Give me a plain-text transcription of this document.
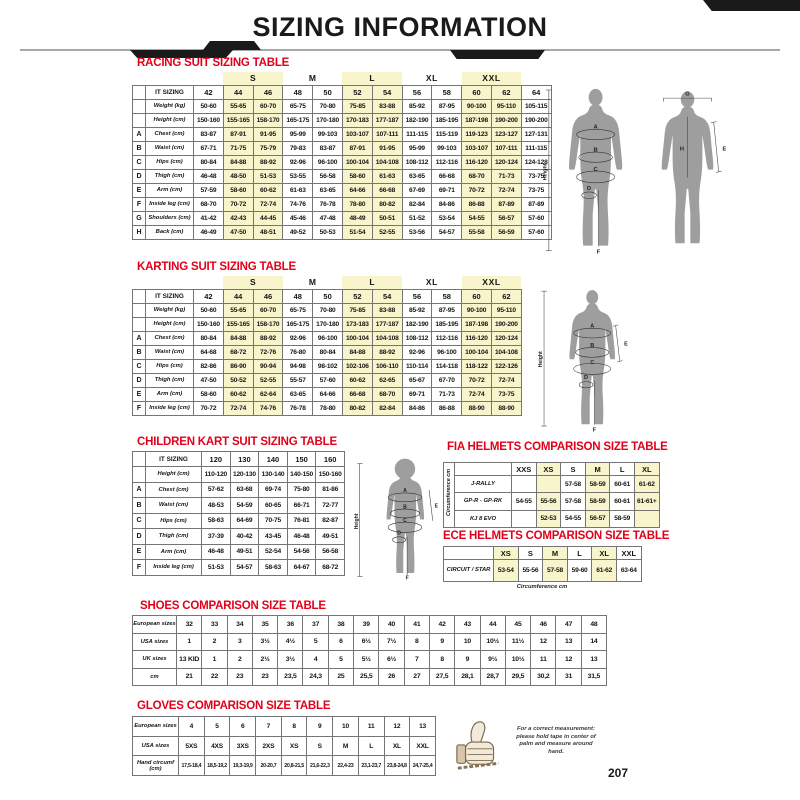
SIZING INFORMATION
RACING SUIT SIZING TABLE
KARTING SUIT SIZING TABLE
CHILDREN KART SUIT SIZING TABLE	FIA HELMETS COMPARISON SIZE TABLE
ECE HELMETS COMPARISON SIZE TABLE
SHOES COMPARISON SIZE TABLE
GLOVES COMPARISON SIZE TABLE
			S		M		L		XL		XXL		
	IT SIZING	42	44	46	48	50	52	54	56	58	60	62	64
	Weight (kg)	50-60	55-65	60-70	65-75	70-80	75-85	83-88	85-92	87-95	90-100	95-110	105-115
	Height (cm)	150-160	155-165	158-170	165-175	170-180	170-183	177-187	182-190	185-195	187-198	190-200	190-200
A	Chest (cm)	83-87	87-91	91-95	95-99	99-103	103-107	107-111	111-115	115-119	119-123	123-127	127-131
B	Waist (cm)	67-71	71-75	75-79	79-83	83-87	87-91	91-95	95-99	99-103	103-107	107-111	111-115
C	Hips (cm)	80-84	84-88	88-92	92-96	96-100	100-104	104-108	108-112	112-116	116-120	120-124	124-128
D	Thigh (cm)	46-48	48-50	51-53	53-55	56-58	58-60	61-63	63-65	66-68	68-70	71-73	73-75
E	Arm (cm)	57-59	58-60	60-62	61-63	63-65	64-66	66-68	67-69	69-71	70-72	72-74	73-75
F	Inside leg (cm)	68-70	70-72	72-74	74-76	76-78	78-80	80-82	82-84	84-86	86-88	87-89	87-89
G	Shoulders (cm)	41-42	42-43	44-45	45-46	47-48	48-49	50-51	51-52	53-54	54-55	56-57	57-60
H	Back (cm)	46-49	47-50	48-51	49-52	50-53	51-54	52-55	53-56	54-57	55-58	56-59	57-60
			S		M		L		XL		XXL	
	IT SIZING	42	44	46	48	50	52	54	56	58	60	62
	Weight (kg)	50-60	55-65	60-70	65-75	70-80	75-85	83-88	85-92	87-95	90-100	95-110
	Height (cm)	150-160	155-165	158-170	165-175	170-180	173-183	177-187	182-190	185-195	187-198	190-200
A	Chest (cm)	80-84	84-88	88-92	92-96	96-100	100-104	104-108	108-112	112-116	116-120	120-124
B	Waist (cm)	64-68	68-72	72-76	76-80	80-84	84-88	88-92	92-96	96-100	100-104	104-108
C	Hips (cm)	82-86	86-90	90-94	94-98	98-102	102-106	106-110	110-114	114-118	118-122	122-126
D	Thigh (cm)	47-50	50-52	52-55	55-57	57-60	60-62	62-65	65-67	67-70	70-72	72-74
E	Arm (cm)	58-60	60-62	62-64	63-65	64-66	66-68	68-70	69-71	71-73	72-74	73-75
F	Inside leg (cm)	70-72	72-74	74-76	76-78	78-80	80-82	82-84	84-86	86-88	88-90	88-90
	IT SIZING	120	130	140	150	160
	Height (cm)	110-120	120-130	130-140	140-150	150-160
A	Chest (cm)	57-62	63-68	69-74	75-80	81-86
B	Waist (cm)	48-53	54-59	60-65	66-71	72-77
C	Hips (cm)	58-63	64-69	70-75	76-81	82-87
D	Thigh (cm)	37-39	40-42	43-45	46-48	49-51
E	Arm (cm)	46-48	49-51	52-54	54-56	56-58
F	Inside leg (cm)	51-53	54-57	58-63	64-67	68-72
Circumference cm		XXS	XS	S	M	L	XL
	J-RALLY			57-58	58-59	60-61	61-62
	GP-R - GP-RK	54-55	55-56	57-58	58-59	60-61	61-61+
	KJ 8 EVO		52-53	54-55	56-57	58-59	
	XS	S	M	L	XL	XXL
CIRCUIT / STAR	53-54	55-56	57-58	59-60	61-62	63-64
Circumference cm
European sizes	32	33	34	35	36	37	38	39	40	41	42	43	44	45	46	47	48
USA sizes	1	2	3	3½	4½	5	6	6½	7½	8	9	10	10½	11½	12	13	14
UK sizes	13 KID	1	2	2½	3½	4	5	5½	6½	7	8	9	9½	10½	11	12	13
cm	21	22	23	23	23,5	24,3	25	25,5	26	27	27,5	28,1	28,7	29,5	30,2	31	31,5
European sizes	4	5	6	7	8	9	10	11	12	13
USA sizes	5XS	4XS	3XS	2XS	XS	S	M	L	XL	XXL
Hand circumf (cm)	17,5-18,4	18,5-19,2	19,3-19,9	20-20,7	20,8-21,5	21,6-22,3	22,4-23	23,1-23,7	23,8-24,8	24,7-25,4
Height
A
B
C
D
F
G
H	E
Height
A
B
C
D
E
F
Height
A
B
C
D
E
F
For a correct measurement: please hold tape in center of palm and measure around hand.
207
